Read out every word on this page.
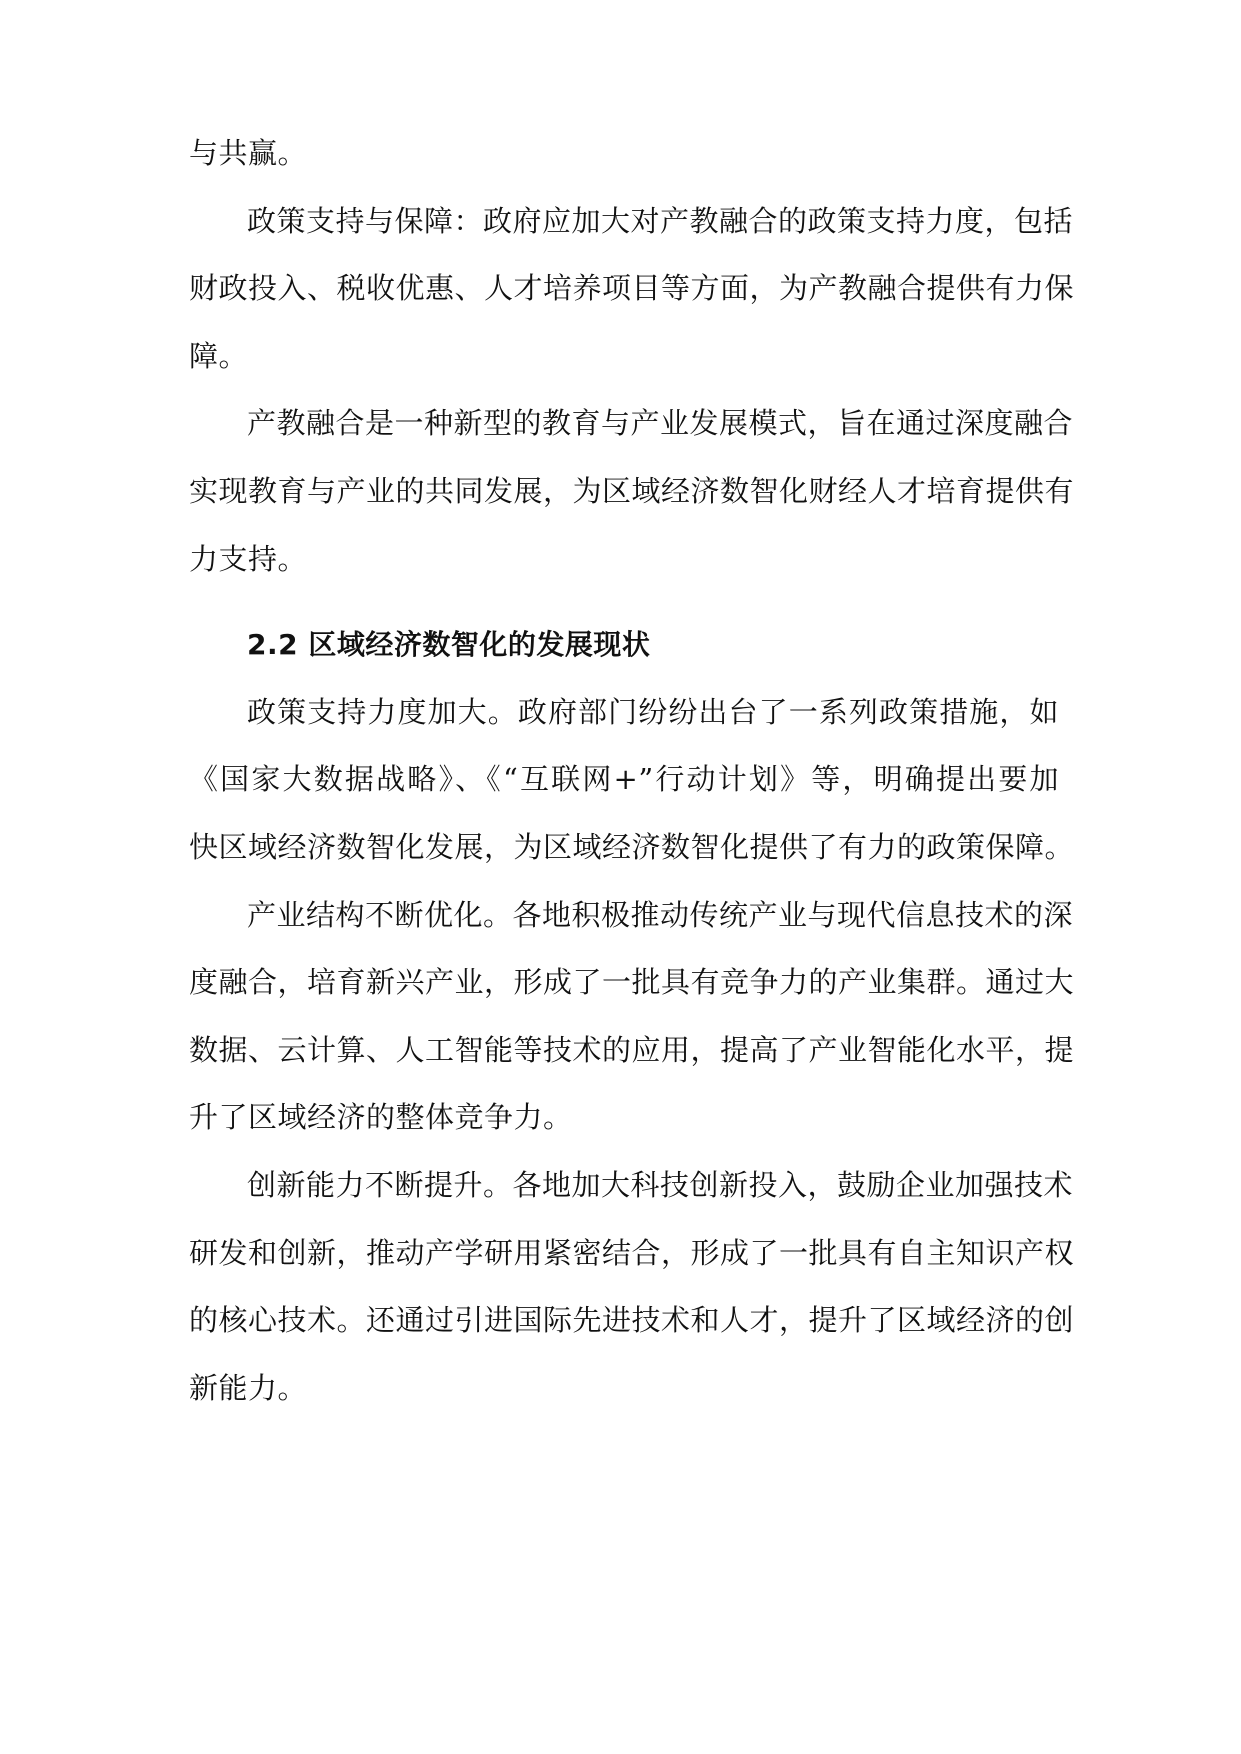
与共赢。
政策支持与保障：政府应加大对产教融合的政策支持力度，包括
财政投入、税收优惠、人才培养项目等方面，为产教融合提供有力保
障。
产教融合是一种新型的教育与产业发展模式，旨在通过深度融合
实现教育与产业的共同发展，为区域经济数智化财经人才培育提供有
力支持。
2.2 区域经济数智化的发展现状
政策支持力度加大。政府部门纷纷出台了一系列政策措施，如
《国家大数据战略》、《“互联网+”行动计划》等，明确提出要加
快区域经济数智化发展，为区域经济数智化提供了有力的政策保障。
产业结构不断优化。各地积极推动传统产业与现代信息技术的深
度融合，培育新兴产业，形成了一批具有竞争力的产业集群。通过大
数据、云计算、人工智能等技术的应用，提高了产业智能化水平，提
升了区域经济的整体竞争力。
创新能力不断提升。各地加大科技创新投入，鼓励企业加强技术
研发和创新，推动产学研用紧密结合，形成了一批具有自主知识产权
的核心技术。还通过引进国际先进技术和人才，提升了区域经济的创
新能力。
